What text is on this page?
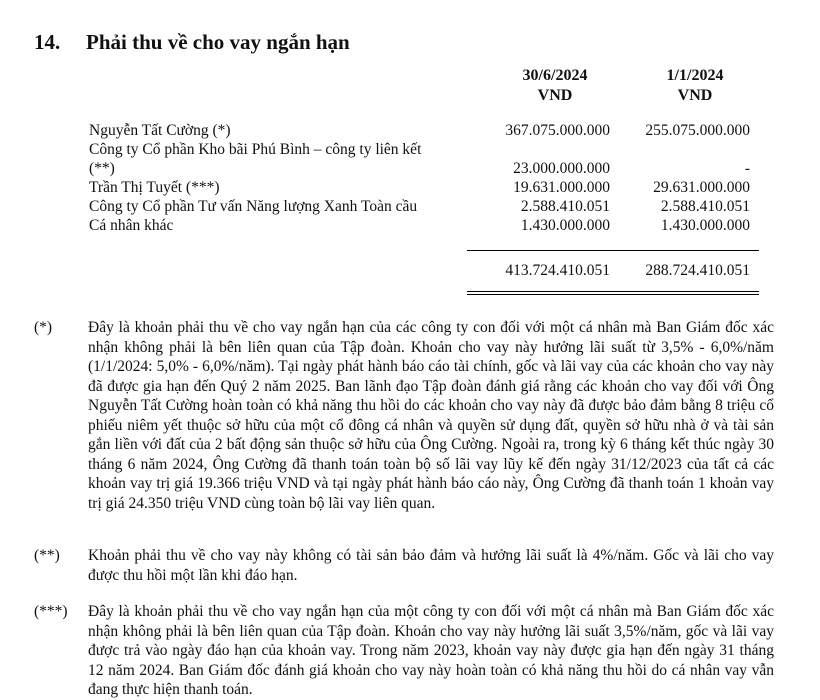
14. Phải thu về cho vay ngắn hạn
30/6/2024
VND
1/1/2024
VND
Nguyễn Tất Cường (*)	367.075.000.000 255.075.000.000
Công ty Cổ phần Kho bãi Phú Bình – công ty liên kết
(**)	23.000.000.000	-
Trần Thị Tuyết (***)	19.631.000.000	29.631.000.000
Công ty Cổ phần Tư vấn Năng lượng Xanh Toàn cầu	2.588.410.051	2.588.410.051
Cá nhân khác	1.430.000.000	1.430.000.000
413.724.410.051 288.724.410.051
(*) Đây là khoản phải thu về cho vay ngắn hạn của các công ty con đối với một cá nhân mà Ban Giám đốc xác nhận không phải là bên liên quan của Tập đoàn. Khoản cho vay này hưởng lãi suất từ 3,5% - 6,0%/năm (1/1/2024: 5,0% - 6,0%/năm). Tại ngày phát hành báo cáo tài chính, gốc và lãi vay của các khoản cho vay này đã được gia hạn đến Quý 2 năm 2025. Ban lãnh đạo Tập đoàn đánh giá rằng các khoản cho vay đối với Ông Nguyễn Tất Cường hoàn toàn có khả năng thu hồi do các khoản cho vay này đã được bảo đảm bằng 8 triệu cổ phiếu niêm yết thuộc sở hữu của một cổ đông cá nhân và quyền sử dụng đất, quyền sở hữu nhà ở và tài sản gắn liền với đất của 2 bất động sản thuộc sở hữu của Ông Cường. Ngoài ra, trong kỳ 6 tháng kết thúc ngày 30 tháng 6 năm 2024, Ông Cường đã thanh toán toàn bộ số lãi vay lũy kế đến ngày 31/12/2023 của tất cả các khoản vay trị giá 19.366 triệu VND và tại ngày phát hành báo cáo này, Ông Cường đã thanh toán 1 khoản vay trị giá 24.350 triệu VND cùng toàn bộ lãi vay liên quan.
(**) Khoản phải thu về cho vay này không có tài sản bảo đảm và hưởng lãi suất là 4%/năm. Gốc và lãi cho vay được thu hồi một lần khi đáo hạn.
(***) Đây là khoản phải thu về cho vay ngắn hạn của một công ty con đối với một cá nhân mà Ban Giám đốc xác nhận không phải là bên liên quan của Tập đoàn. Khoản cho vay này hưởng lãi suất 3,5%/năm, gốc và lãi vay được trả vào ngày đáo hạn của khoản vay. Trong năm 2023, khoản vay này được gia hạn đến ngày 31 tháng 12 năm 2024. Ban Giám đốc đánh giá khoản cho vay này hoàn toàn có khả năng thu hồi do cá nhân vay vẫn đang thực hiện thanh toán.
